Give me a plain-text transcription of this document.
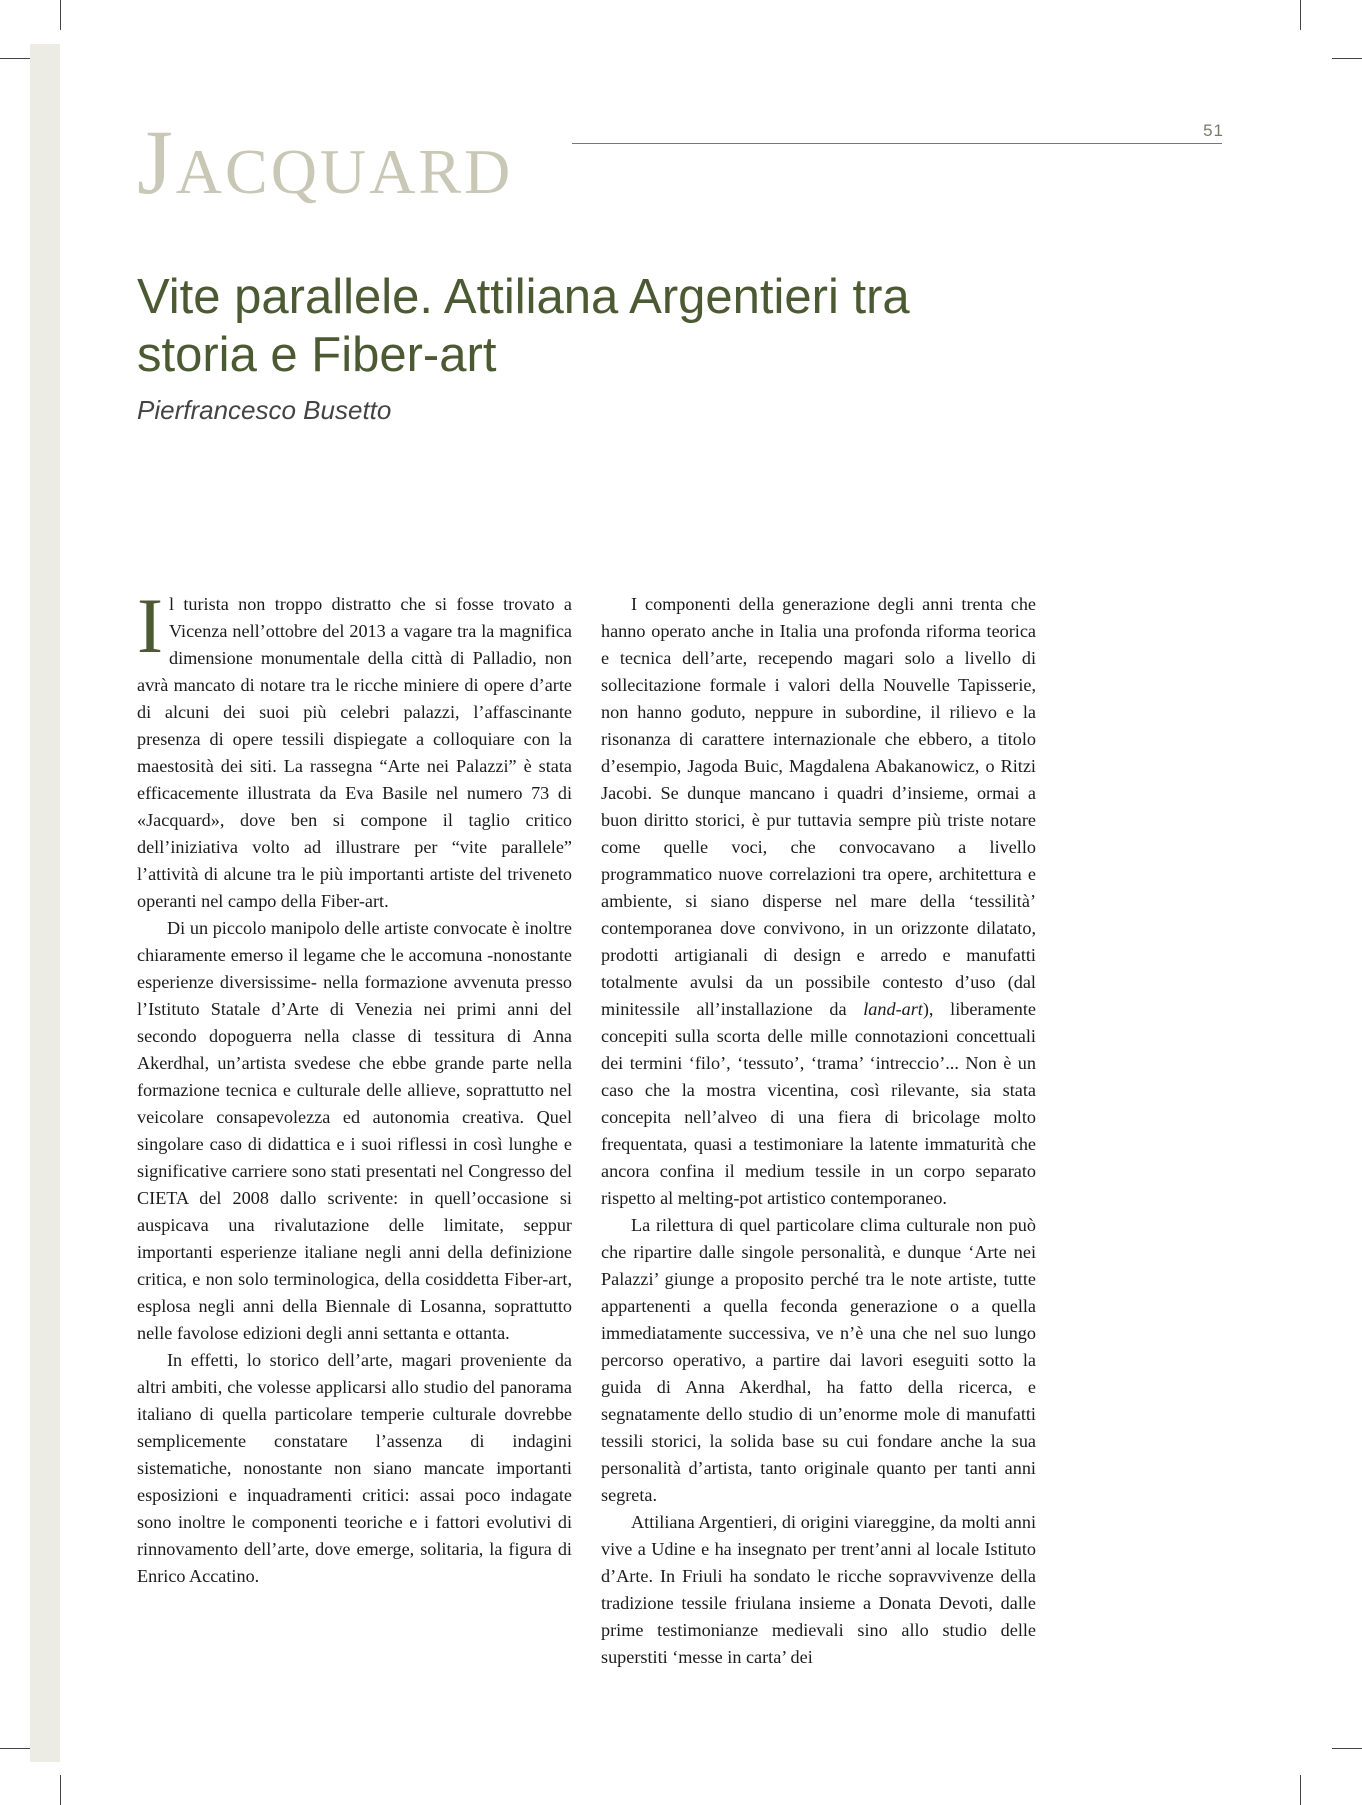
Jacquard	51
Vite parallele. Attiliana Argentieri tra storia e Fiber-art
Pierfrancesco Busetto

Il turista non troppo distratto che si fosse trovato a Vicenza nell’ottobre del 2013 a vagare tra la magnifica dimensione monumentale della città di Palladio, non avrà mancato di notare tra le ricche miniere di opere d’arte di alcuni dei suoi più celebri palazzi, l’affascinante presenza di opere tessili dispiegate a colloquiare con la maestosità dei siti. La rassegna “Arte nei Palazzi” è stata efficacemente illustrata da Eva Basile nel numero 73 di «Jacquard», dove ben si compone il taglio critico dell’iniziativa volto ad illustrare per “vite parallele” l’attività di alcune tra le più importanti artiste del triveneto operanti nel campo della Fiber-art.

Di un piccolo manipolo delle artiste convocate è inoltre chiaramente emerso il legame che le accomuna -nonostante esperienze diversissime- nella formazione avvenuta presso l’Istituto Statale d’Arte di Venezia nei primi anni del secondo dopoguerra nella classe di tessitura di Anna Akerdhal, un’artista svedese che ebbe grande parte nella formazione tecnica e culturale delle allieve, soprattutto nel veicolare consapevolezza ed autonomia creativa. Quel singolare caso di didattica e i suoi riflessi in così lunghe e significative carriere sono stati presentati nel Congresso del CIETA del 2008 dallo scrivente: in quell’occasione si auspicava una rivalutazione delle limitate, seppur importanti esperienze italiane negli anni della definizione critica, e non solo terminologica, della cosiddetta Fiber-art, esplosa negli anni della Biennale di Losanna, soprattutto nelle favolose edizioni degli anni settanta e ottanta.

In effetti, lo storico dell’arte, magari proveniente da altri ambiti, che volesse applicarsi allo studio del panorama italiano di quella particolare temperie culturale dovrebbe semplicemente constatare l’assenza di indagini sistematiche, nonostante non siano mancate importanti esposizioni e inquadramenti critici: assai poco indagate sono inoltre le componenti teoriche e i fattori evolutivi di rinnovamento dell’arte, dove emerge, solitaria, la figura di Enrico Accatino.

I componenti della generazione degli anni trenta che hanno operato anche in Italia una profonda riforma teorica e tecnica dell’arte, recependo magari solo a livello di sollecitazione formale i valori della Nouvelle Tapisserie, non hanno goduto, neppure in subordine, il rilievo e la risonanza di carattere internazionale che ebbero, a titolo d’esempio, Jagoda Buic, Magdalena Abakanowicz, o Ritzi Jacobi. Se dunque mancano i quadri d’insieme, ormai a buon diritto storici, è pur tuttavia sempre più triste notare come quelle voci, che convocavano a livello programmatico nuove correlazioni tra opere, architettura e ambiente, si siano disperse nel mare della ‘tessilità’ contemporanea dove convivono, in un orizzonte dilatato, prodotti artigianali di design e arredo e manufatti totalmente avulsi da un possibile contesto d’uso (dal minitessile all’installazione da land-art), liberamente concepiti sulla scorta delle mille connotazioni concettuali dei termini ‘filo’, ‘tessuto’, ‘trama’ ‘intreccio’... Non è un caso che la mostra vicentina, così rilevante, sia stata concepita nell’alveo di una fiera di bricolage molto frequentata, quasi a testimoniare la latente immaturità che ancora confina il medium tessile in un corpo separato rispetto al melting-pot artistico contemporaneo.

La rilettura di quel particolare clima culturale non può che ripartire dalle singole personalità, e dunque ‘Arte nei Palazzi’ giunge a proposito perché tra le note artiste, tutte appartenenti a quella feconda generazione o a quella immediatamente successiva, ve n’è una che nel suo lungo percorso operativo, a partire dai lavori eseguiti sotto la guida di Anna Akerdhal, ha fatto della ricerca, e segnatamente dello studio di un’enorme mole di manufatti tessili storici, la solida base su cui fondare anche la sua personalità d’artista, tanto originale quanto per tanti anni segreta.

Attiliana Argentieri, di origini viareggine, da molti anni vive a Udine e ha insegnato per trent’anni al locale Istituto d’Arte. In Friuli ha sondato le ricche sopravvivenze della tradizione tessile friulana insieme a Donata Devoti, dalle prime testimonianze medievali sino allo studio delle superstiti ‘messe in carta’ dei
